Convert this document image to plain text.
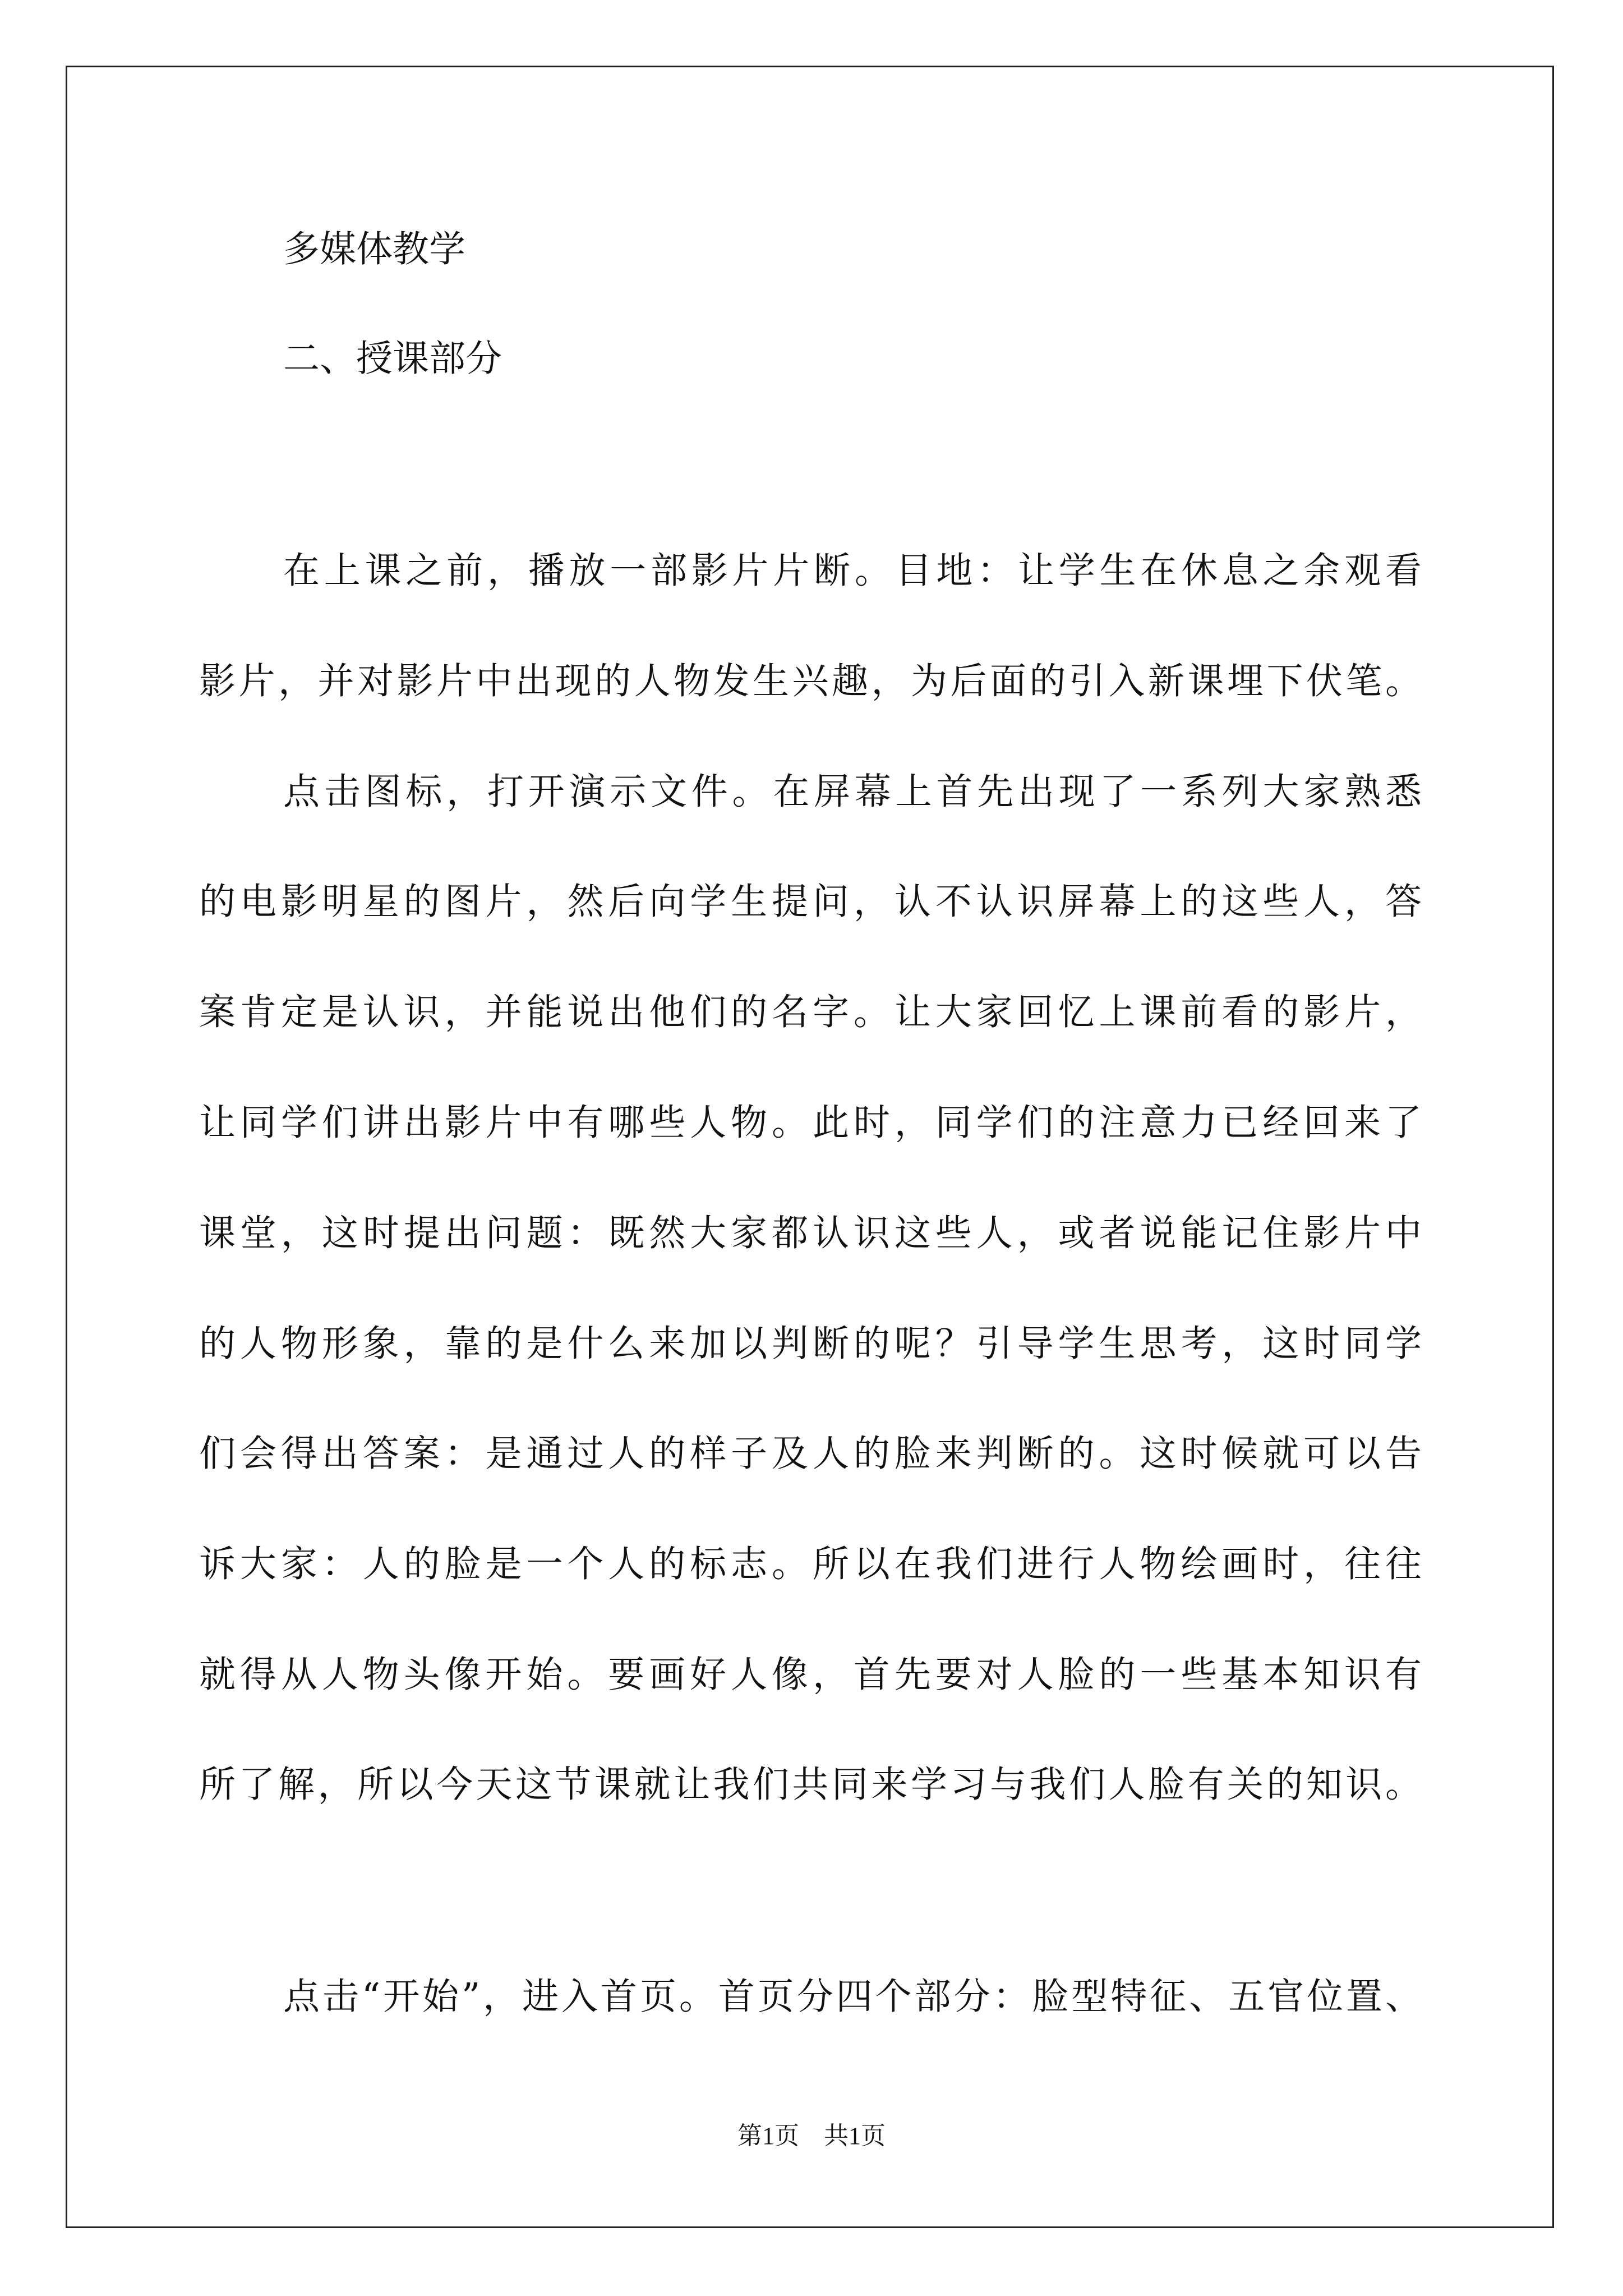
多媒体教学
二、授课部分
在上课之前，播放一部影片片断。目地：让学生在休息之余观看
影片，并对影片中出现的人物发生兴趣，为后面的引入新课埋下伏笔。
点击图标，打开演示文件。在屏幕上首先出现了一系列大家熟悉
的电影明星的图片，然后向学生提问，认不认识屏幕上的这些人，答
案肯定是认识，并能说出他们的名字。让大家回忆上课前看的影片，
让同学们讲出影片中有哪些人物。此时，同学们的注意力已经回来了
课堂，这时提出问题：既然大家都认识这些人，或者说能记住影片中
的人物形象，靠的是什么来加以判断的呢？引导学生思考，这时同学
们会得出答案：是通过人的样子及人的脸来判断的。这时候就可以告
诉大家：人的脸是一个人的标志。所以在我们进行人物绘画时，往往
就得从人物头像开始。要画好人像，首先要对人脸的一些基本知识有
所了解，所以今天这节课就让我们共同来学习与我们人脸有关的知识。
点击“开始”，进入首页。首页分四个部分：脸型特征、五官位置、
第1页　共1页
